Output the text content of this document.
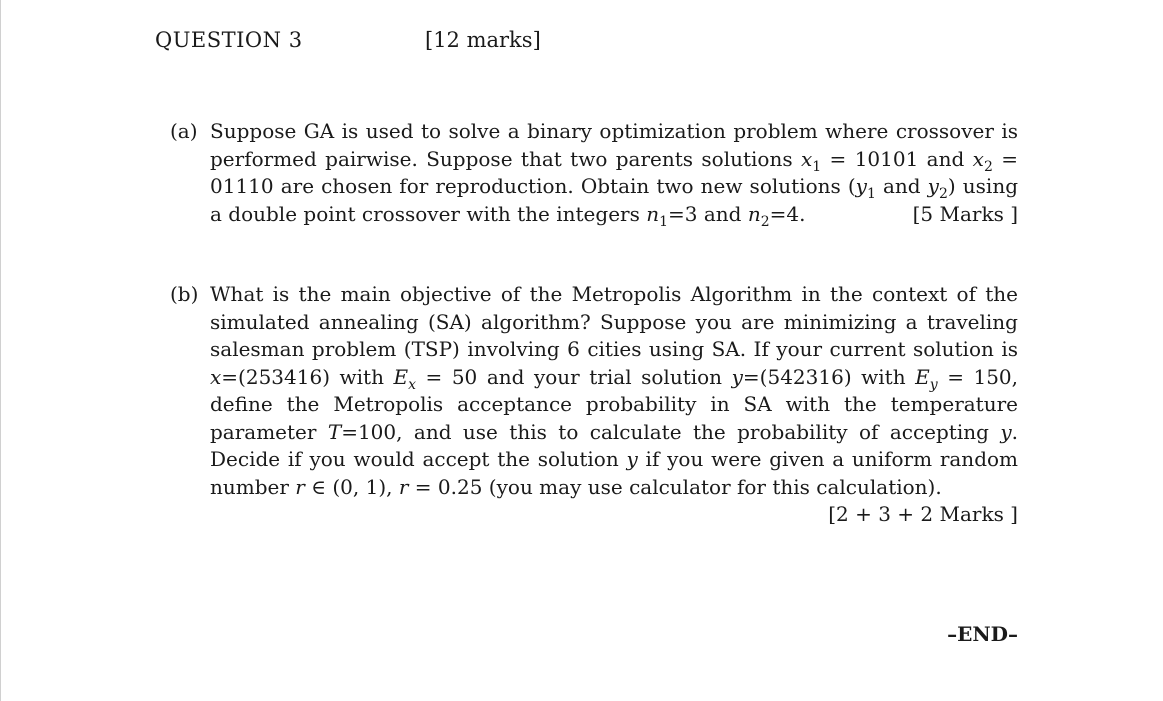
QUESTION 3	[12 marks]
(a) Suppose GA is used to solve a binary optimization problem where crossover is performed pairwise. Suppose that two parents solutions $x_1 = 10101$ and $x_2 = 01110$ are chosen for reproduction. Obtain two new solutions ($y_1$ and $y_2$) using a double point crossover with the integers $n_1=3$ and $n_2=4$.	[5 Marks ]
(b) What is the main objective of the Metropolis Algorithm in the context of the simulated annealing (SA) algorithm? Suppose you are minimizing a traveling salesman problem (TSP) involving 6 cities using SA. If your current solution is x=(253416) with $E_x = 50$ and your trial solution y=(542316) with $E_y = 150$, define the Metropolis acceptance probability in SA with the temperature parameter T=100, and use this to calculate the probability of accepting y. Decide if you would accept the solution y if you were given a uniform random number r ∈ (0, 1), r = 0.25 (you may use calculator for this calculation).
[2 + 3 + 2 Marks ]
–END–
